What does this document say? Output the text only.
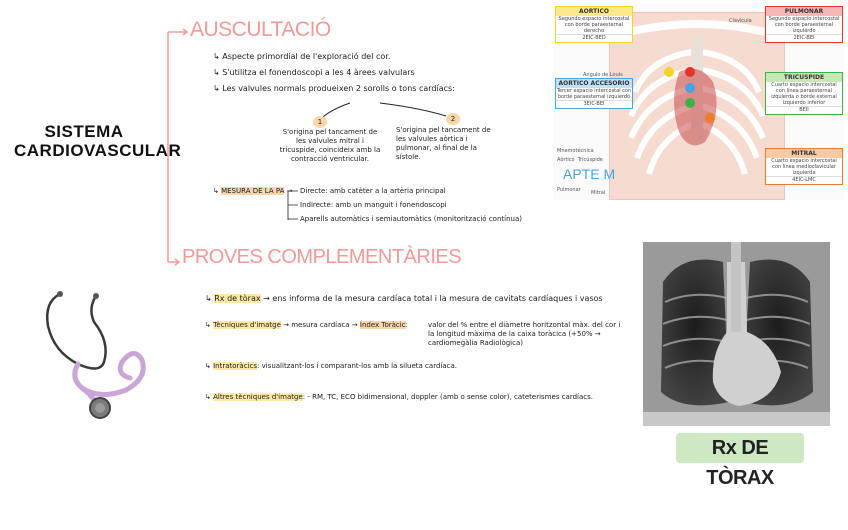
SISTEMA CARDIOVASCULAR
AUSCULTACIÓ
↳ Aspecte primordial de l'exploració del cor.
↳ S'utilitza el fonendoscopi a les 4 àrees valvulars
↳ Les valvules normals produeixen 2 sorolls o tons cardíacs:
1
S'origina pel tancament de les valvules mitral i tricuspide, coincideix amb la contracció ventricular.
2
S'origina pel tancament de les valvules aòrtica i pulmonar, al final de la sístole.
↳ MESURA DE LA PA → Directe: amb catèter a la artèria principal
Indirecte: amb un manguit i fonendoscopi
Aparells automàtics i semiautomàtics (monitorització contínua)
PROVES COMPLEMENTÀRIES
↳ Rx de tòrax → ens informa de la mesura cardíaca total i la mesura de cavitats cardíaques i vasos
↳ Tècniques d'imatge → mesura cardíaca → Índex Toràcic:	valor del % entre el diàmetre horitzontal màx. del cor i la longitud màxima de la caixa toràcica (+50% → cardiomegàlia Radiològica)
↳ Intratoràcics: visualitzant-los i comparant-los amb la silueta cardíaca.
↳ Altres tècniques d'imatge: - RM, TC, ECO bidimensional, doppler (amb o sense color), cateterismes cardíacs.
AORTICO
Segundo espacio intercostal con borde paraesternal derecho
2EIC-BED
PULMONAR
Segundo espacio intercostal con borde paraesternal izquierdo
2EIC-BEI
AORTICO ACCESORIO
Tercer espacio intercostal con borde paraesternal izquierdo
3EIC-BEI
TRICUSPIDE
Cuarto espacio intercostal con línea paraesternal izquierda o borde esternal izquierdo inferior
BEII
MITRAL
Cuarto espacio intercostal con línea medioclavicular izquierda
4EIC-LMC
Clavícula
Angulo de Louis
Mnemotécnica
Aórtico  Tricúspide
APTE M
Pulmonar Mitral
Rx DE TÒRAX
